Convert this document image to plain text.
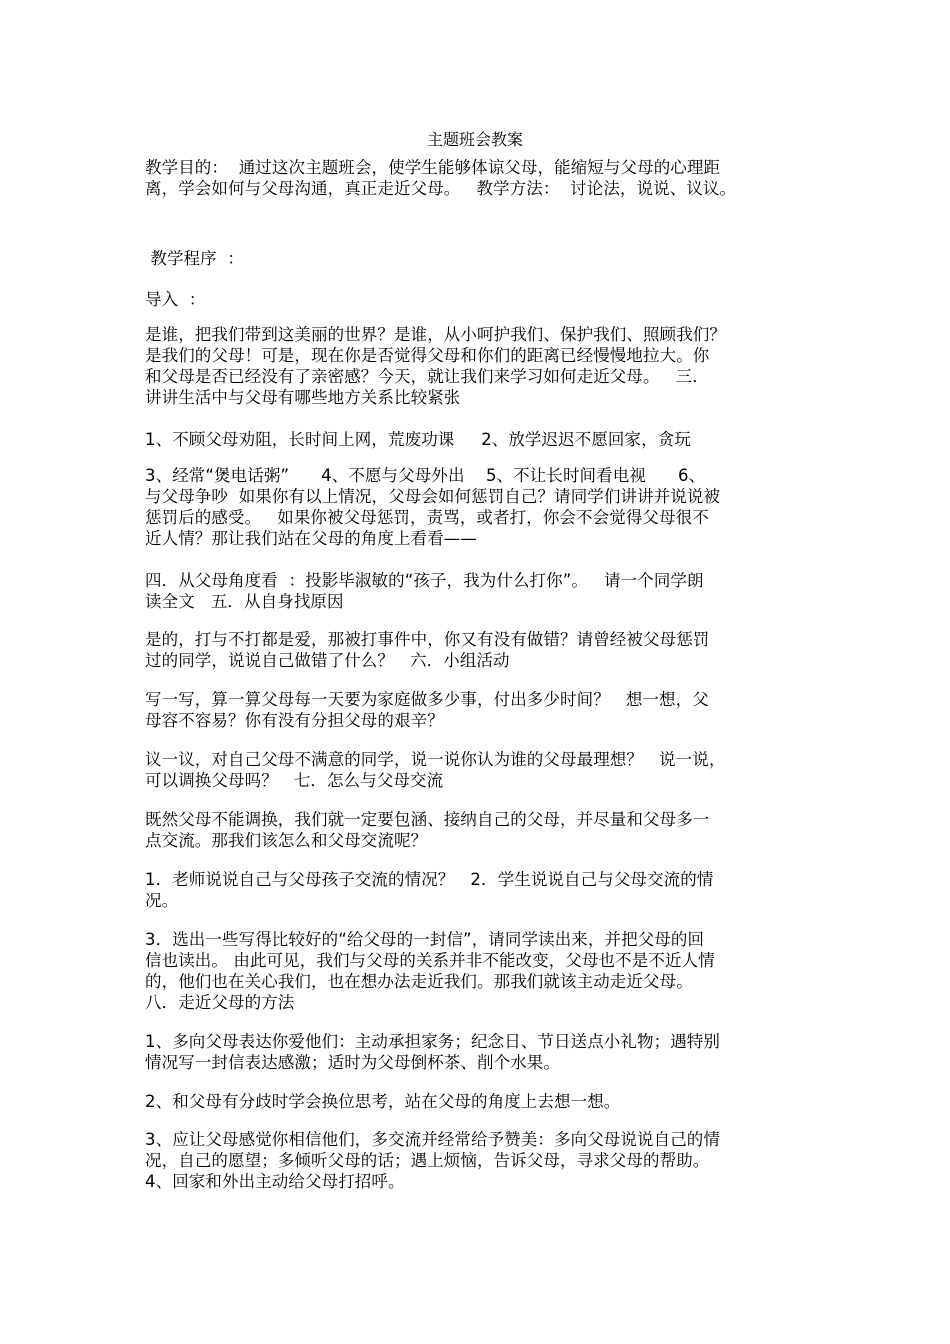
主题班会教案
教学目的：  通过这次主题班会，使学生能够体谅父母，能缩短与父母的心理距
离，学会如何与父母沟通，真正走近父母。   教学方法：  讨论法，说说、议议。
教学程序  ：
导入  ：
是谁，把我们带到这美丽的世界？是谁，从小呵护我们、保护我们、照顾我们？
是我们的父母！可是，现在你是否觉得父母和你们的距离已经慢慢地拉大。你
和父母是否已经没有了亲密感？今天，就让我们来学习如何走近父母。   三．
讲讲生活中与父母有哪些地方关系比较紧张
1、不顾父母劝阻，长时间上网，荒废功课     2、放学迟迟不愿回家，贪玩
3、经常“煲电话粥”      4、不愿与父母外出    5、不让长时间看电视      6、
与父母争吵  如果你有以上情况，父母会如何惩罚自己？请同学们讲讲并说说被
惩罚后的感受。   如果你被父母惩罚，责骂，或者打，你会不会觉得父母很不
近人情？那让我们站在父母的角度上看看——
四．从父母角度看  ：投影毕淑敏的“孩子，我为什么打你”。   请一个同学朗
读全文   五．从自身找原因
是的，打与不打都是爱，那被打事件中，你又有没有做错？请曾经被父母惩罚
过的同学，说说自己做错了什么？   六．小组活动
写一写，算一算父母每一天要为家庭做多少事，付出多少时间？   想一想，父
母容不容易？你有没有分担父母的艰辛？
议一议，对自己父母不满意的同学，说一说你认为谁的父母最理想？   说一说，
可以调换父母吗？   七．怎么与父母交流
既然父母不能调换，我们就一定要包涵、接纳自己的父母，并尽量和父母多一
点交流。那我们该怎么和父母交流呢？
1．老师说说自己与父母孩子交流的情况？   2．学生说说自己与父母交流的情
况。
3．选出一些写得比较好的“给父母的一封信”，请同学读出来，并把父母的回
信也读出。 由此可见，我们与父母的关系并非不能改变，父母也不是不近人情
的，他们也在关心我们，也在想办法走近我们。那我们就该主动走近父母。
八．走近父母的方法
1、多向父母表达你爱他们：主动承担家务；纪念日、节日送点小礼物；遇特别
情况写一封信表达感激；适时为父母倒杯茶、削个水果。
2、和父母有分歧时学会换位思考，站在父母的角度上去想一想。
3、应让父母感觉你相信他们，多交流并经常给予赞美：多向父母说说自己的情
况，自己的愿望；多倾听父母的话；遇上烦恼，告诉父母，寻求父母的帮助。
4、回家和外出主动给父母打招呼。
